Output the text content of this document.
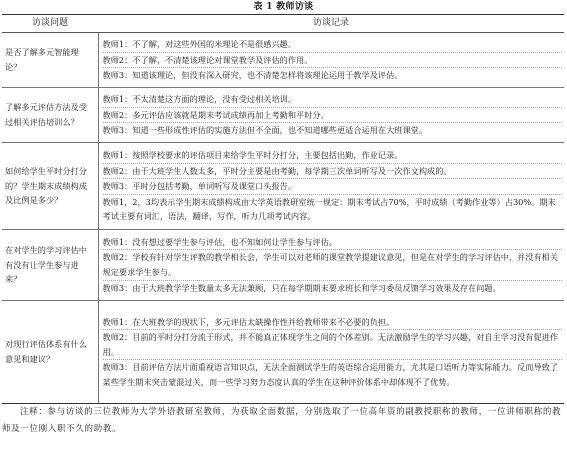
表 1 教师访谈
访谈问题	访谈记录
是否了解多元智能理论？	教师1：不了解，对这些外国的米理论不是很感兴趣。
教师2：不了解，不清楚该理论对课堂教学及评估的作用。
教师3：知道该理论，但没有深入研究，也不清楚怎样将该理论运用于教学及评估。

了解多元评估方法及受过相关评估培训么？	教师1：不太清楚这方面的理论，没有受过相关培训。
教师2：多元评估应该就是期末考试成绩再加上考勤和平时分。
教师3：知道一些形成性评估的实施方法但不全面，也不知道哪些更适合运用在大班课堂。

如何给学生平时分打分的？学生期末成绩构成及比例是多少？	教师1：按照学校要求的评估项目来给学生平时分打分，主要包括出勤，作业记录。
教师2：由于大班学生人数太多，平时分主要是由考勤，每学期三次单词听写及一次作文构成的。
教师3：平时分包括考勤，单词听写及课堂口头报告。
教师1，2，3均表示学生期末成绩构成由大学英语教研室统一规定：期末考试占70%，平时成绩（考勤作业等）占30%。期末考试主要有词汇，语法，翻译，写作，听力几项考试内容。

在对学生的学习评估中有没有让学生参与进来？	教师1：没有想过要学生参与评估，也不知如何让学生参与评估。
教师2：学校有针对学生评教的教学相长会，学生可以对老师的课堂教学提建议意见，但是在对学生的学习评估中，并没有相关规定要求学生参与。
教师3：由于大班教学学生数量太多无法兼顾，只在每学期期末要求班长和学习委员反馈学习效果及存在问题。

对现行评估体系有什么意见和建议？	教师1：在大班教学的现状下，多元评估太缺操作性并给教师带来不必要的负担。
教师2：目前的平时分打分流于形式，并不能真正体现学生之间的个体差别。无法激励学生的学习兴趣，对自主学习没有促进作用。
教师3：目前评估方法片面重视语言知识点，无法全面测试学生的英语综合运用能力，尤其是口语听力等实际能力。反而导致了某些学生期末突击蒙混过关，而一些学习努力态度认真的学生在这种评价体系中却体现不了优势。
注释：参与访谈的三位教师为大学外语教研室教师，为获取全面数据，分别选取了一位高年资的副教授职称的教师，一位讲师职称的教师及一位刚入职不久的助教。
